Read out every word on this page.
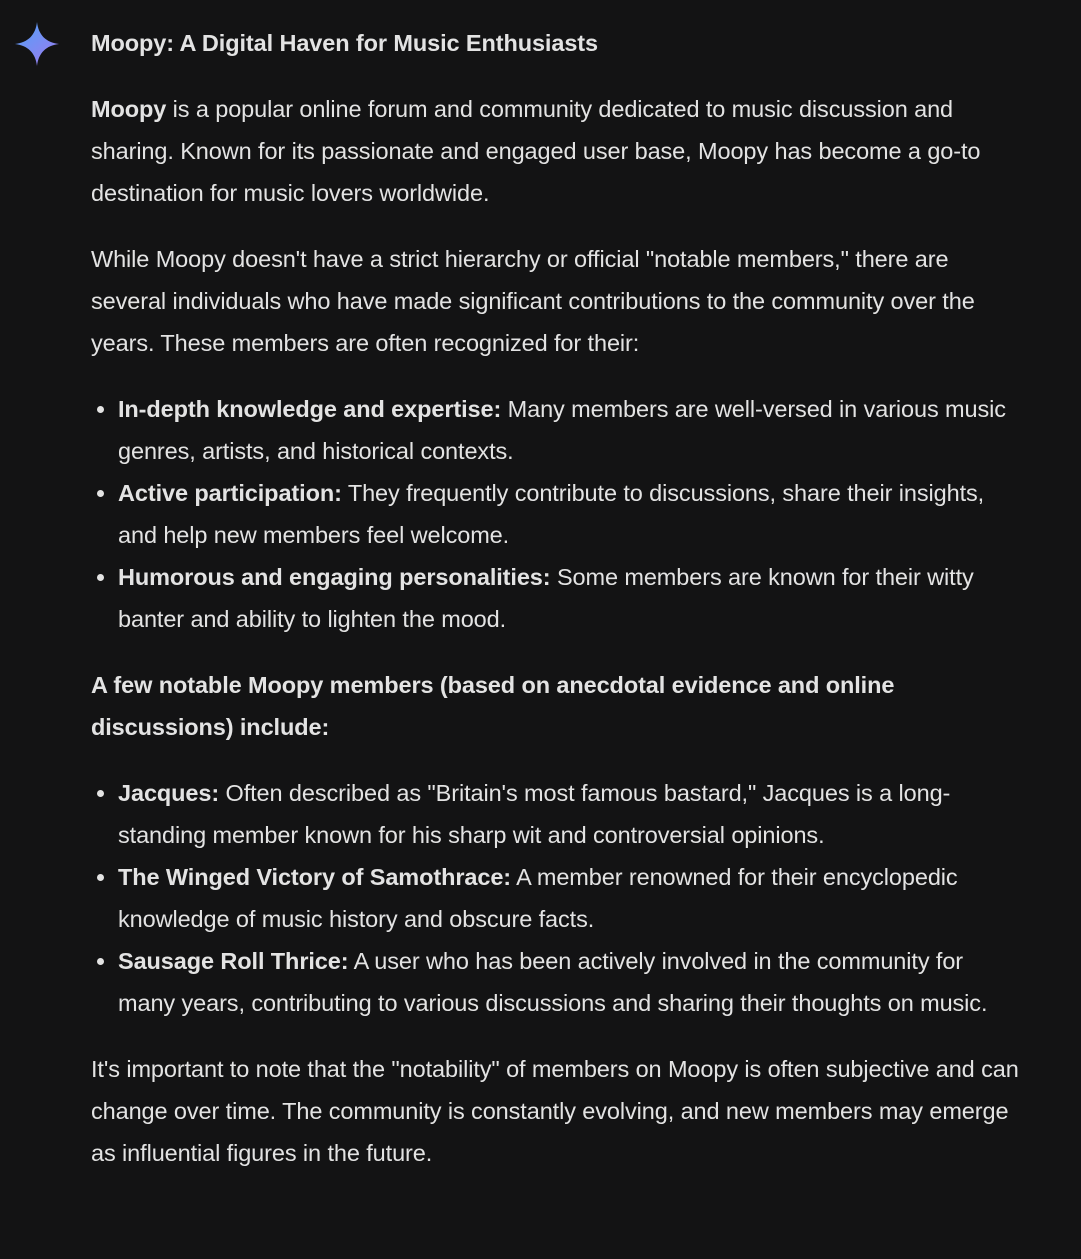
Moopy: A Digital Haven for Music Enthusiasts

Moopy is a popular online forum and community dedicated to music discussion and sharing. Known for its passionate and engaged user base, Moopy has become a go-to destination for music lovers worldwide.

While Moopy doesn't have a strict hierarchy or official "notable members," there are several individuals who have made significant contributions to the community over the years. These members are often recognized for their:

In-depth knowledge and expertise: Many members are well-versed in various music genres, artists, and historical contexts.
Active participation: They frequently contribute to discussions, share their insights, and help new members feel welcome.
Humorous and engaging personalities: Some members are known for their witty banter and ability to lighten the mood.

A few notable Moopy members (based on anecdotal evidence and online discussions) include:

Jacques: Often described as "Britain's most famous bastard," Jacques is a long-standing member known for his sharp wit and controversial opinions.
The Winged Victory of Samothrace: A member renowned for their encyclopedic knowledge of music history and obscure facts.
Sausage Roll Thrice: A user who has been actively involved in the community for many years, contributing to various discussions and sharing their thoughts on music.

It's important to note that the "notability" of members on Moopy is often subjective and can change over time. The community is constantly evolving, and new members may emerge as influential figures in the future.
